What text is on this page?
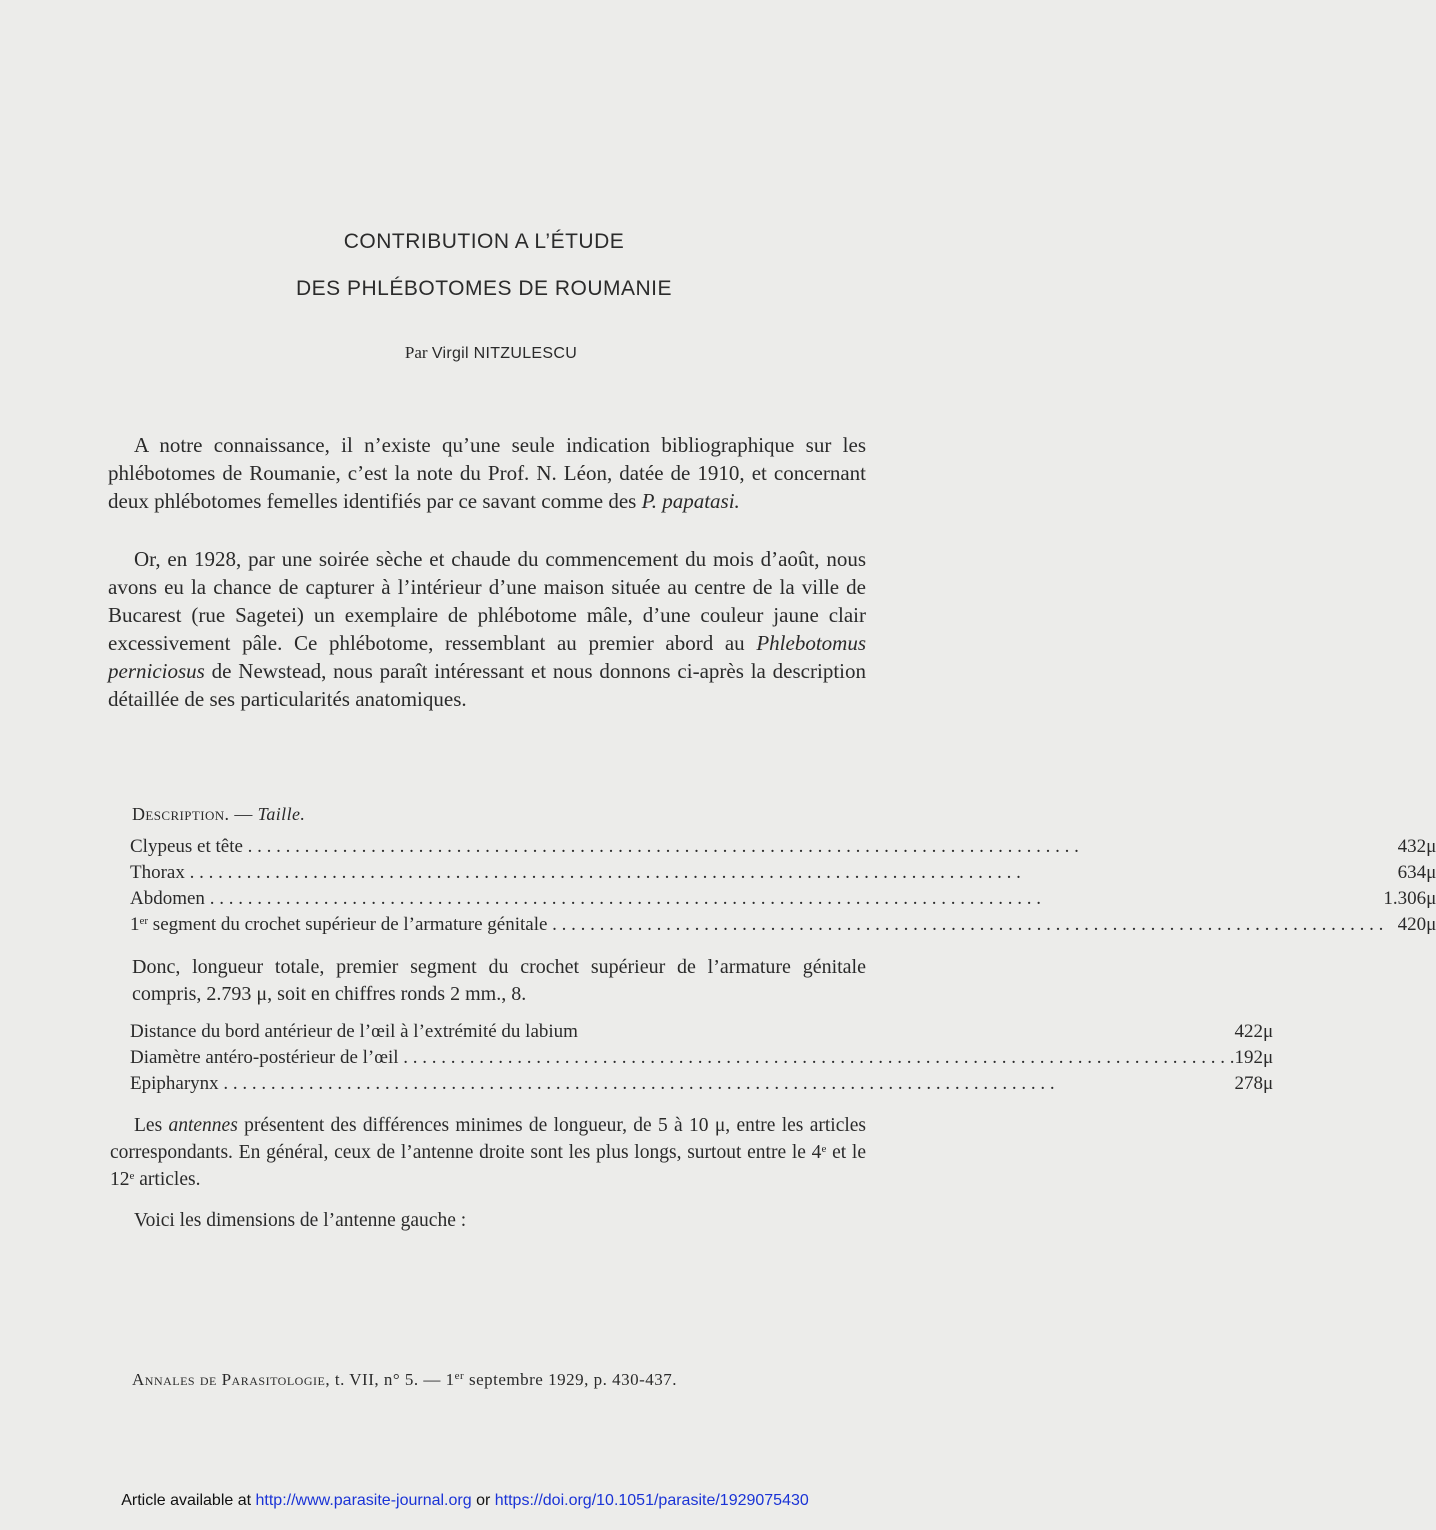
CONTRIBUTION A L’ÉTUDE
DES PHLÉBOTOMES DE ROUMANIE
Par Virgil NITZULESCU

A notre connaissance, il n’existe qu’une seule indication bibliographique sur les phlébotomes de Roumanie, c’est la note du Prof. N. Léon, datée de 1910, et concernant deux phlébotomes femelles identifiés par ce savant comme des P. papatasi.

Or, en 1928, par une soirée sèche et chaude du commencement du mois d’août, nous avons eu la chance de capturer à l’intérieur d’une maison située au centre de la ville de Bucarest (rue Sagetei) un exemplaire de phlébotome mâle, d’une couleur jaune clair excessivement pâle. Ce phlébotome, ressemblant au premier abord au Phlebotomus perniciosus de Newstead, nous paraît intéressant et nous donnons ci-après la description détaillée de ses particularités anatomiques.

Description. — Taille.
Clypeus et tête . . .	432	μ
Thorax . . .	634	μ
Abdomen . . .	1.306	μ
1er segment du crochet supérieur de l’armature génitale . . .	420	μ

Donc, longueur totale, premier segment du crochet supérieur de l’armature génitale compris, 2.793 μ, soit en chiffres ronds 2 mm., 8.

Distance du bord antérieur de l’œil à l’extrémité du labium	422	μ
Diamètre antéro-postérieur de l’œil . . .	192	μ
Epipharynx . . .	278	μ

Les antennes présentent des différences minimes de longueur, de 5 à 10 μ, entre les articles correspondants. En général, ceux de l’antenne droite sont les plus longs, surtout entre le 4e et le 12e articles.

Voici les dimensions de l’antenne gauche :

Annales de Parasitologie, t. VII, n° 5. — 1er septembre 1929, p. 430-437.
Article available at http://www.parasite-journal.org or https://doi.org/10.1051/parasite/1929075430
